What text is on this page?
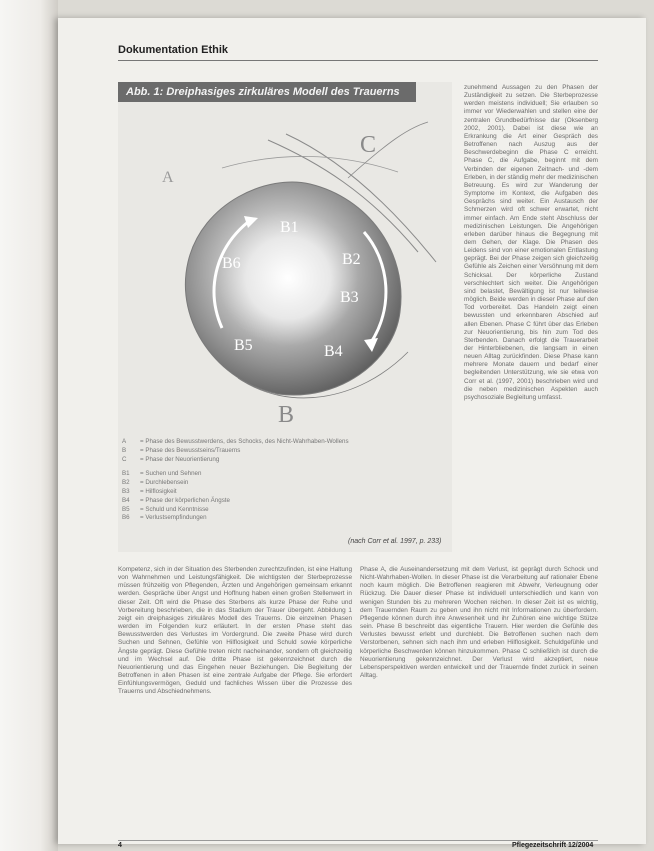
Dokumentation Ethik
C
B1
B6	B2
B3
B5	B4
B
A
Abb. 1: Dreiphasiges zirkuläres Modell des Trauerns
A	= Phase des Bewusstwerdens, des Schocks, des Nicht-Wahrhaben-Wollens
B	= Phase des Bewusstseins/Trauerns
C	= Phase der Neuorientierung
B1	= Suchen und Sehnen
B2	= Durchlebensein
B3	= Hilflosigkeit
B4	= Phase der körperlichen Ängste
B5	= Schuld und Kenntnisse
B6	= Verlustsempfindungen
(nach Corr et al. 1997, p. 233)

zunehmend Aussagen zu den Phasen der Zuständigkeit zu setzen. Die Sterbeprozesse werden meistens individuell; Sie erlauben so immer vor Wiederwahlen und stellen eine der zentralen Grundbedürfnisse dar (Oksenberg 2002, 2001). Dabei ist diese wie an Erkrankung die Art einer Gespräch des Betroffenen nach Auszug aus der Beschwerdebeginn die Phase C erreicht. Phase C, die Aufgabe, beginnt mit dem Verbinden der eigenen Zeitnach- und -dem Erleben, in der ständig mehr der medizinischen Betreuung. Es wird zur Wanderung der Symptome im Kontext, die Aufgaben des Gesprächs sind weiter. Ein Austausch der Schmerzen wird oft schwer erwartet, nicht immer einfach. Am Ende steht Abschluss der medizinischen Leistungen. Die Angehörigen erleben darüber hinaus die Begegnung mit dem Gehen, der Klage. Die Phasen des Leidens sind von einer emotionalen Entlastung geprägt. Bei der Phase zeigen sich gleichzeitig Gefühle als Zeichen einer Versöhnung mit dem Schicksal. Der körperliche Zustand verschlechtert sich weiter. Die Angehörigen sind belastet, Bewältigung ist nur teilweise möglich. Beide werden in dieser Phase auf den Tod vorbereitet. Das Handeln zeigt einen bewussten und erkennbaren Abschied auf allen Ebenen. Phase C führt über das Erleben zur Neuorientierung, bis hin zum Tod des Sterbenden. Danach erfolgt die Trauerarbeit der Hinterbliebenen, die langsam in einen neuen Alltag zurückfinden. Diese Phase kann mehrere Monate dauern und bedarf einer begleitenden Unterstützung, wie sie etwa von Corr et al. (1997, 2001) beschrieben wird und die neben medizinischen Aspekten auch psychosoziale Begleitung umfasst.

Kompetenz, sich in der Situation des Sterbenden zurechtzufinden, ist eine Haltung von Wahrnehmen und Leistungsfähigkeit. Die wichtigsten der Sterbeprozesse müssen frühzeitig von Pflegenden, Ärzten und Angehörigen gemeinsam erkannt werden. Gespräche über Angst und Hoffnung haben einen großen Stellenwert in dieser Zeit. Oft wird die Phase des Sterbens als kurze Phase der Ruhe und Vorbereitung beschrieben, die in das Stadium der Trauer übergeht. Abbildung 1 zeigt ein dreiphasiges zirkuläres Modell des Trauerns. Die einzelnen Phasen werden im Folgenden kurz erläutert. In der ersten Phase steht das Bewusstwerden des Verlustes im Vordergrund. Die zweite Phase wird durch Suchen und Sehnen, Gefühle von Hilflosigkeit und Schuld sowie körperliche Ängste geprägt. Diese Gefühle treten nicht nacheinander, sondern oft gleichzeitig und im Wechsel auf. Die dritte Phase ist gekennzeichnet durch die Neuorientierung und das Eingehen neuer Beziehungen. Die Begleitung der Betroffenen in allen Phasen ist eine zentrale Aufgabe der Pflege. Sie erfordert Einfühlungsvermögen, Geduld und fachliches Wissen über die Prozesse des Trauerns und Abschiednehmens.

Phase A, die Auseinandersetzung mit dem Verlust, ist geprägt durch Schock und Nicht-Wahrhaben-Wollen. In dieser Phase ist die Verarbeitung auf rationaler Ebene noch kaum möglich. Die Betroffenen reagieren mit Abwehr, Verleugnung oder Rückzug. Die Dauer dieser Phase ist individuell unterschiedlich und kann von wenigen Stunden bis zu mehreren Wochen reichen. In dieser Zeit ist es wichtig, dem Trauernden Raum zu geben und ihn nicht mit Informationen zu überfordern. Pflegende können durch ihre Anwesenheit und ihr Zuhören eine wichtige Stütze sein. Phase B beschreibt das eigentliche Trauern. Hier werden die Gefühle des Verlustes bewusst erlebt und durchlebt. Die Betroffenen suchen nach dem Verstorbenen, sehnen sich nach ihm und erleben Hilflosigkeit. Schuldgefühle und körperliche Beschwerden können hinzukommen. Phase C schließlich ist durch die Neuorientierung gekennzeichnet. Der Verlust wird akzeptiert, neue Lebensperspektiven werden entwickelt und der Trauernde findet zurück in seinen Alltag.

4	Pflegezeitschrift 12/2004
